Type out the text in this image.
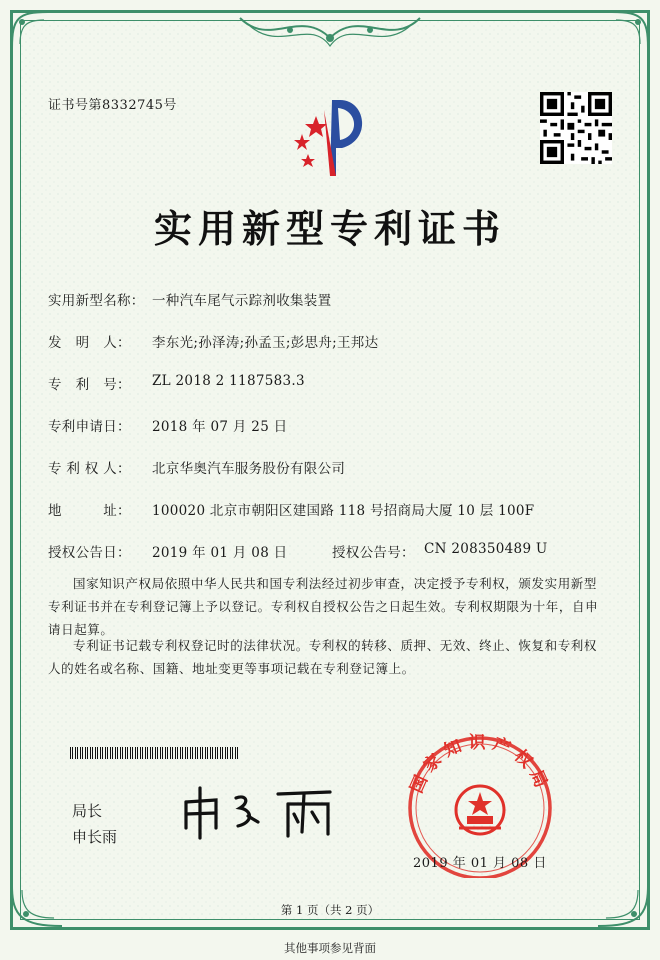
证书号第8332745号
实用新型专利证书
实用新型名称： 一种汽车尾气示踪剂收集装置
发　明　人： 李东光;孙泽涛;孙孟玉;彭思舟;王邦达
专　利　号： ZL 2018 2 1187583.3
专利申请日： 2018 年 07 月 25 日
专 利 权 人： 北京华奥汽车服务股份有限公司
地　　　址： 100020 北京市朝阳区建国路 118 号招商局大厦 10 层 100F
授权公告日： 2019 年 01 月 08 日	授权公告号： CN 208350489 U
国家知识产权局依照中华人民共和国专利法经过初步审查，决定授予专利权，颁发实用新型专利证书并在专利登记簿上予以登记。专利权自授权公告之日起生效。专利权期限为十年，自申请日起算。
专利证书记载专利权登记时的法律状况。专利权的转移、质押、无效、终止、恢复和专利权人的姓名或名称、国籍、地址变更等事项记载在专利登记簿上。
局长
申长雨
国家知识产权局
2019 年 01 月 08 日
第 1 页（共 2 页）
其他事项参见背面
